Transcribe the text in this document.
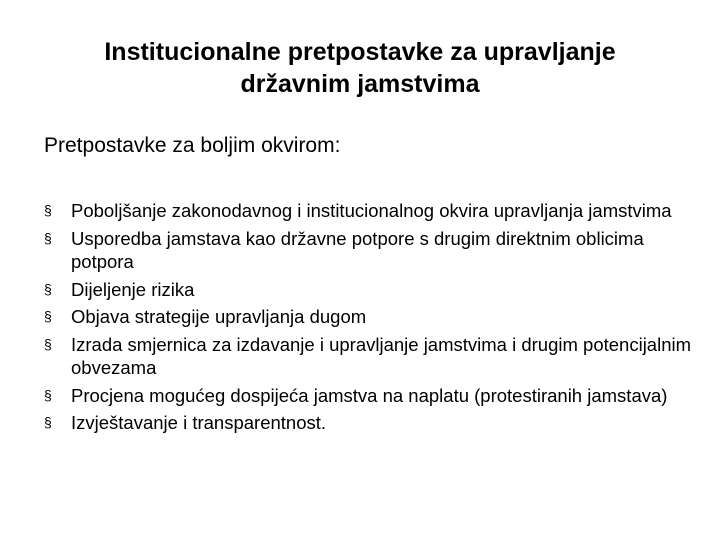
Institucionalne pretpostavke za upravljanje
državnim jamstvima
Pretpostavke za boljim okvirom:
§	Poboljšanje zakonodavnog i institucionalnog okvira upravljanja jamstvima
§	Usporedba jamstava kao državne potpore s drugim direktnim oblicima potpora
§	Dijeljenje rizika
§	Objava strategije upravljanja dugom
§	Izrada smjernica za izdavanje i upravljanje jamstvima i drugim potencijalnim obvezama
§	Procjena mogućeg dospijeća jamstva na naplatu (protestiranih jamstava)
§	Izvještavanje i transparentnost.
